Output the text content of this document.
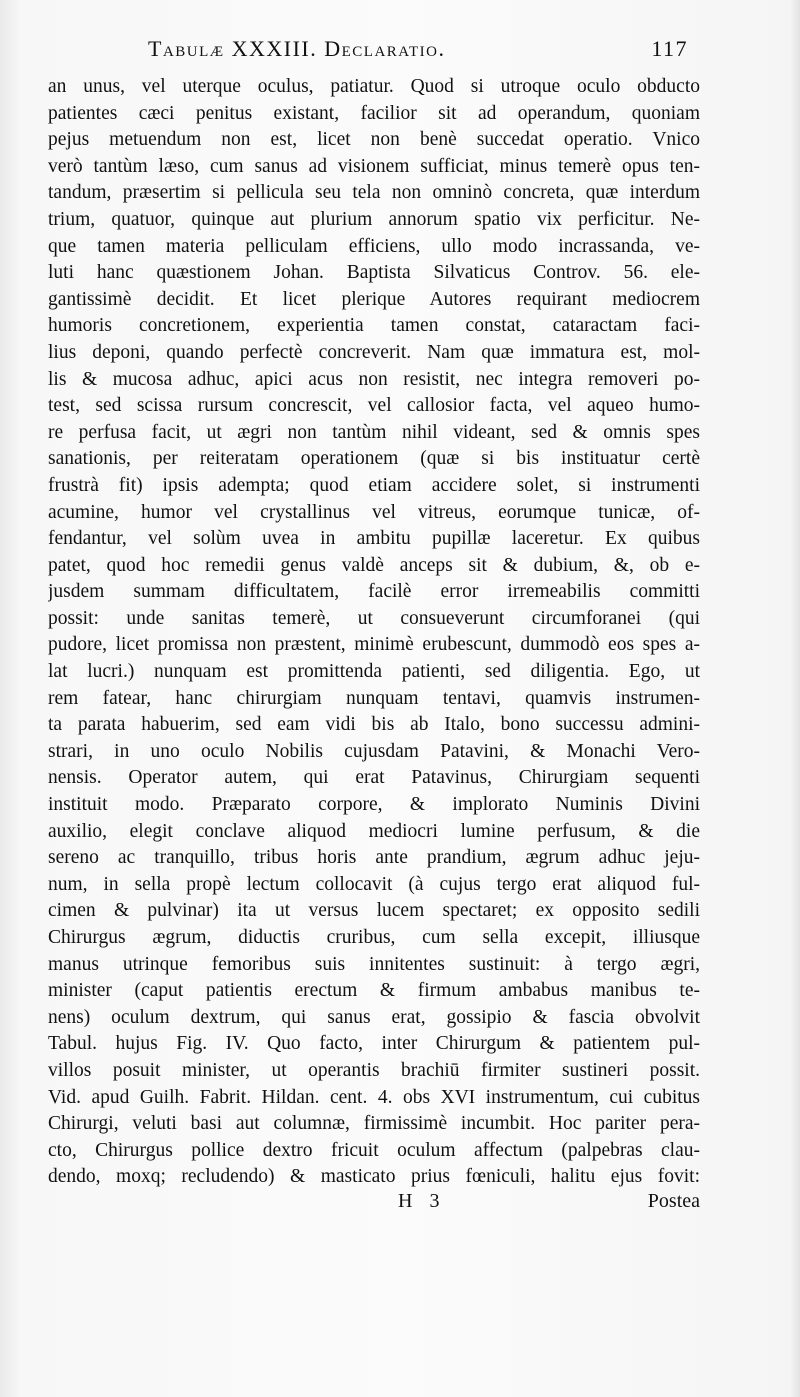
Tabulæ XXXIII. Declaratio.	117
an unus, vel uterque oculus, patiatur. Quod si utroque oculo obducto
patientes cæci penitus existant, facilior sit ad operandum, quoniam
pejus metuendum non est, licet non benè succedat operatio. Vnico
verò tantùm læso, cum sanus ad visionem sufficiat, minus temerè opus ten-
tandum, præsertim si pellicula seu tela non omninò concreta, quæ interdum
trium, quatuor, quinque aut plurium annorum spatio vix perficitur. Ne-
que tamen materia pelliculam efficiens, ullo modo incrassanda, ve-
luti hanc quæstionem Johan. Baptista Silvaticus Controv. 56. ele-
gantissimè decidit. Et licet plerique Autores requirant mediocrem
humoris concretionem, experientia tamen constat, cataractam faci-
lius deponi, quando perfectè concreverit. Nam quæ immatura est, mol-
lis & mucosa adhuc, apici acus non resistit, nec integra removeri po-
test, sed scissa rursum concrescit, vel callosior facta, vel aqueo humo-
re perfusa facit, ut ægri non tantùm nihil videant, sed & omnis spes
sanationis, per reiteratam operationem (quæ si bis instituatur certè
frustrà fit) ipsis adempta; quod etiam accidere solet, si instrumenti
acumine, humor vel crystallinus vel vitreus, eorumque tunicæ, of-
fendantur, vel solùm uvea in ambitu pupillæ laceretur. Ex quibus
patet, quod hoc remedii genus valdè anceps sit & dubium, &, ob e-
jusdem summam difficultatem, facilè error irremeabilis committi
possit: unde sanitas temerè, ut consueverunt circumforanei (qui
pudore, licet promissa non præstent, minimè erubescunt, dummodò eos spes a-
lat lucri.) nunquam est promittenda patienti, sed diligentia. Ego, ut
rem fatear, hanc chirurgiam nunquam tentavi, quamvis instrumen-
ta parata habuerim, sed eam vidi bis ab Italo, bono successu admini-
strari, in uno oculo Nobilis cujusdam Patavini, & Monachi Vero-
nensis. Operator autem, qui erat Patavinus, Chirurgiam sequenti
instituit modo. Præparato corpore, & implorato Numinis Divini
auxilio, elegit conclave aliquod mediocri lumine perfusum, & die
sereno ac tranquillo, tribus horis ante prandium, ægrum adhuc jeju-
num, in sella propè lectum collocavit (à cujus tergo erat aliquod ful-
cimen & pulvinar) ita ut versus lucem spectaret; ex opposito sedili
Chirurgus ægrum, diductis cruribus, cum sella excepit, illiusque
manus utrinque femoribus suis innitentes sustinuit: à tergo ægri,
minister (caput patientis erectum & firmum ambabus manibus te-
nens) oculum dextrum, qui sanus erat, gossipio & fascia obvolvit
Tabul. hujus Fig. IV. Quo facto, inter Chirurgum & patientem pul-
villos posuit minister, ut operantis brachiū firmiter sustineri possit.
Vid. apud Guilh. Fabrit. Hildan. cent. 4. obs XVI instrumentum, cui cubitus
Chirurgi, veluti basi aut columnæ, firmissimè incumbit. Hoc pariter pera-
cto, Chirurgus pollice dextro fricuit oculum affectum (palpebras clau-
dendo, moxq; recludendo) & masticato prius fœniculi, halitu ejus fovit:
H 3	Postea
